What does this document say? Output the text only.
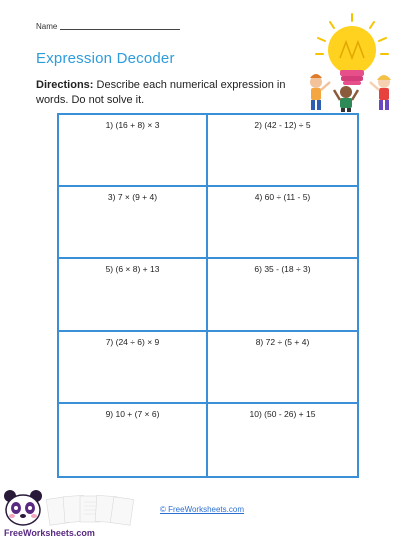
Name
Expression Decoder
Directions: Describe each numerical expression in words. Do not solve it.
1) (16 + 8) × 3	2) (42 - 12) ÷ 5
3) 7 × (9 + 4)	4) 60 ÷ (11 - 5)
5) (6 × 8) + 13	6) 35 - (18 ÷ 3)
7) (24 ÷ 6) × 9	8) 72 ÷ (5 + 4)
9) 10 + (7 × 6)	10) (50 - 26) + 15
FreeWorksheets.com
© FreeWorksheets.com
